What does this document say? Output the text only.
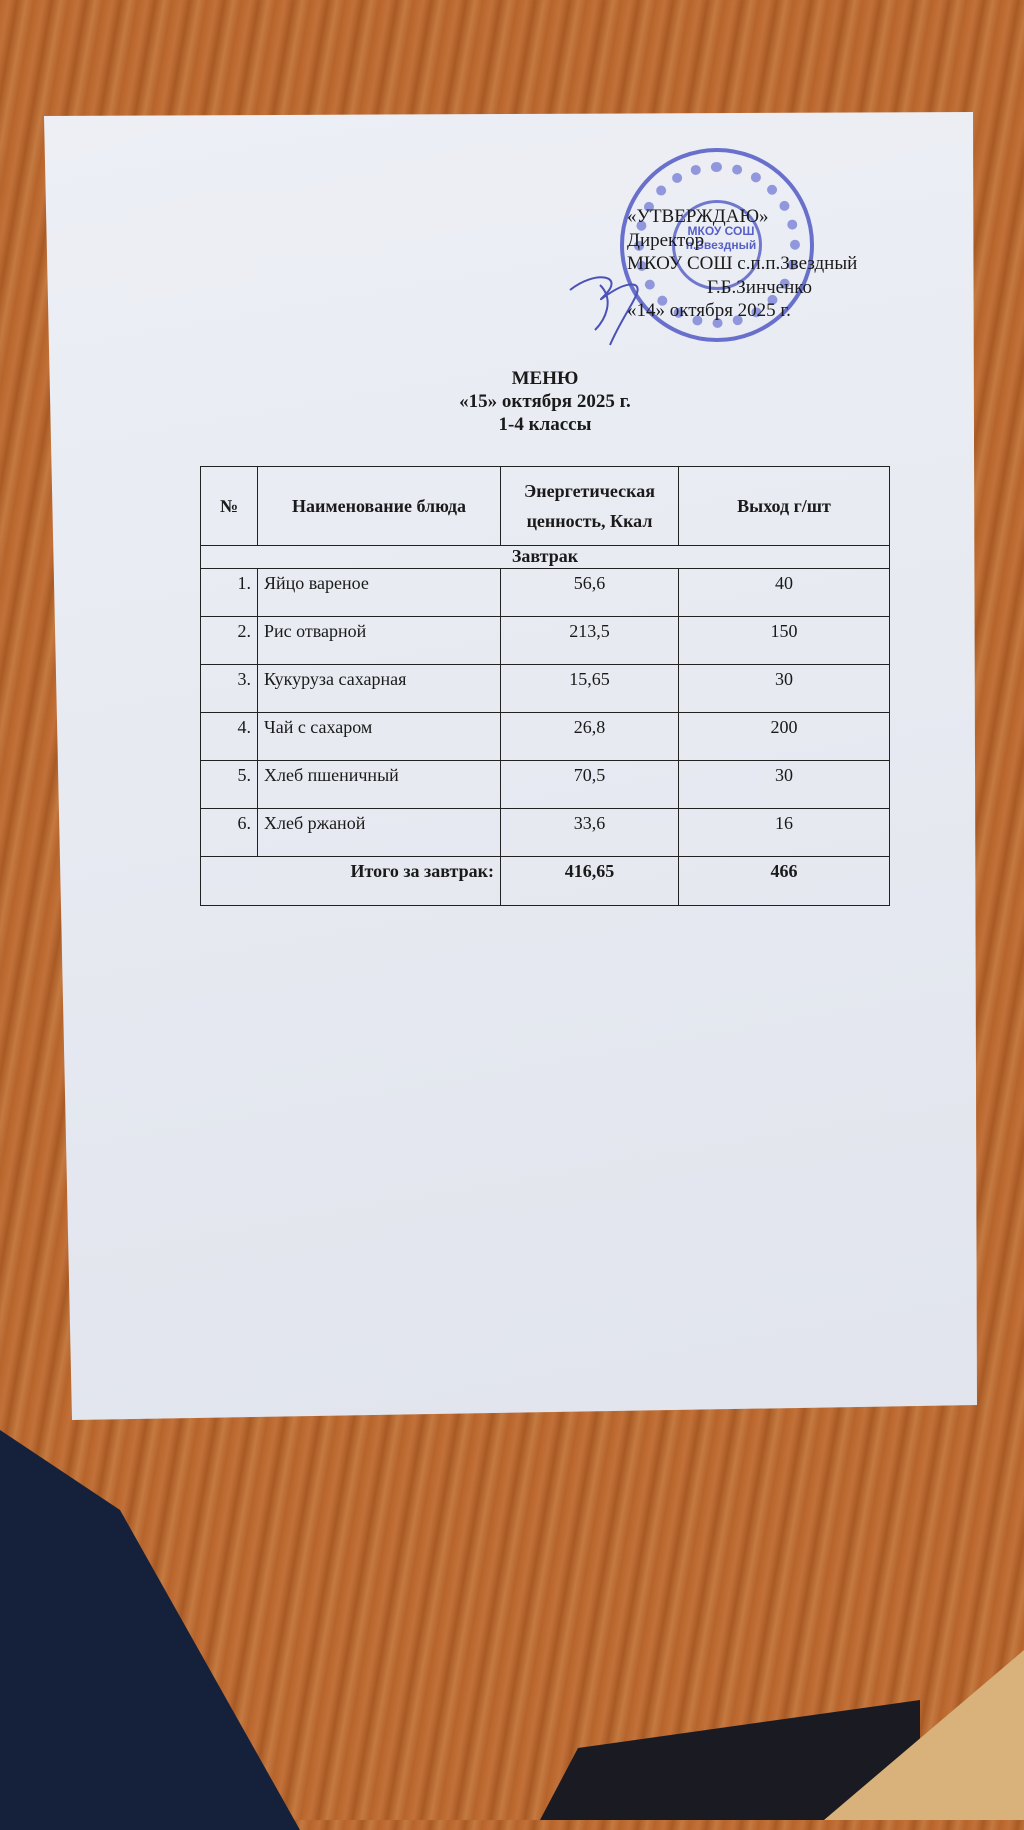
МКОУ СОШ п.Звездный
«УТВЕРЖДАЮ»
Директор
МКОУ СОШ с.п.п.Звездный
Г.Б.Зинченко
«14» октября 2025 г.
МЕНЮ
«15» октября 2025 г.
1-4 классы
№	Наименование блюда	Энергетическая ценность, Ккал	Выход г/шт
Завтрак			
1.	Яйцо вареное	56,6	40
2.	Рис отварной	213,5	150
3.	Кукуруза сахарная	15,65	30
4.	Чай с сахаром	26,8	200
5.	Хлеб пшеничный	70,5	30
6.	Хлеб ржаной	33,6	16
Итого за завтрак:		416,65	466
